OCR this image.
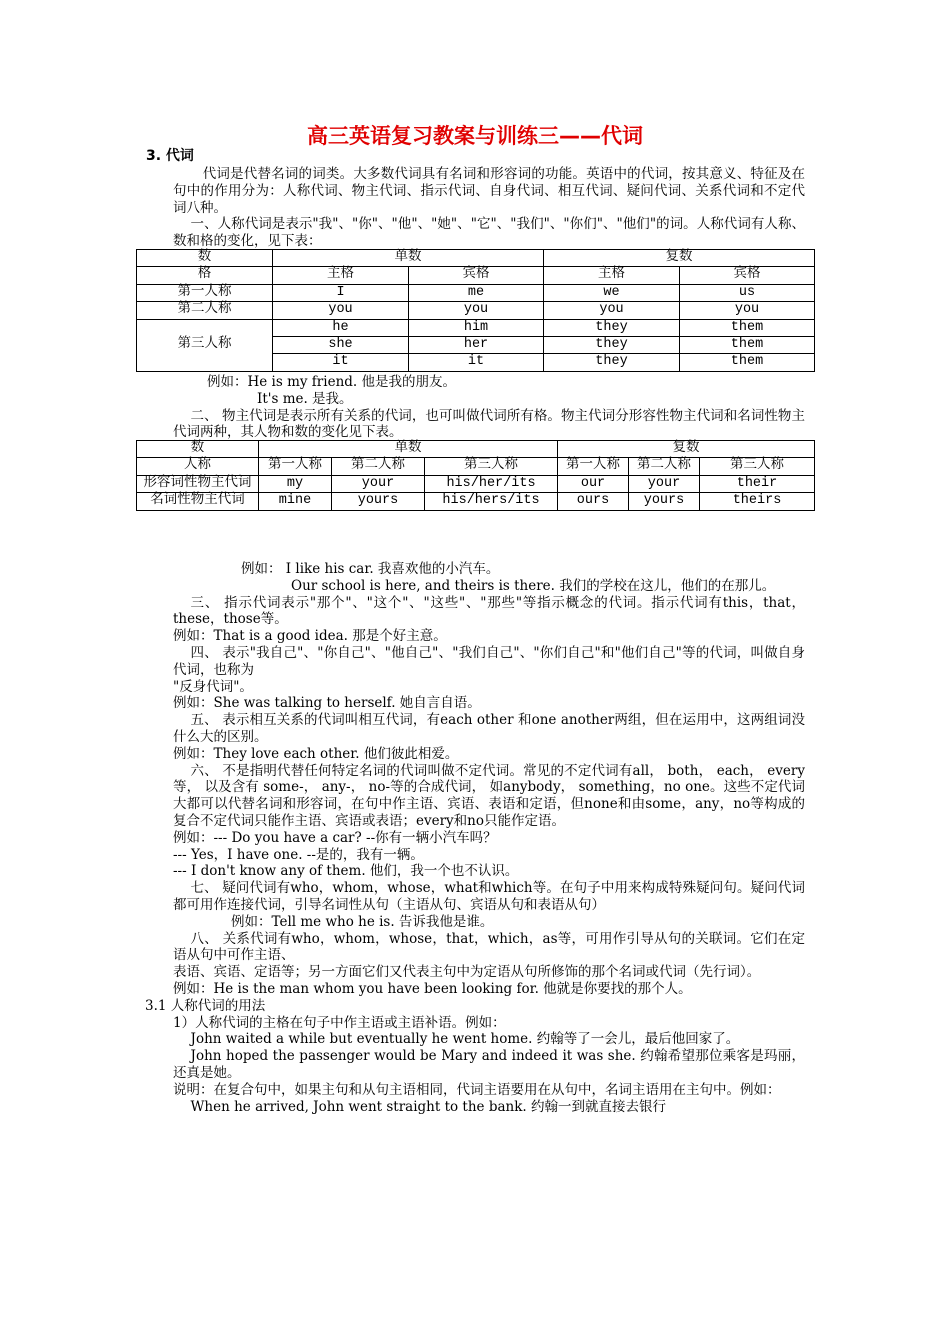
高三英语复习教案与训练三——代词
3. 代词

代词是代替名词的词类。大多数代词具有名词和形容词的功能。英语中的代词，按其意义、特征及在句中的作用分为：人称代词、物主代词、指示代词、自身代词、相互代词、疑问代词、关系代词和不定代词八种。

一、人称代词是表示"我"、"你"、"他"、"她"、"它"、"我们"、"你们"、"他们"的词。人称代词有人称、数和格的变化，见下表：

数	单数		复数	
格	主格	宾格	主格	宾格
第一人称	I	me	we	us
第二人称	you	you	you	you
第三人称	he	him	they	them
	she	her	they	them
	it	it	they	them

例如：He is my friend. 他是我的朋友。

It's me. 是我。

二、 物主代词是表示所有关系的代词，也可叫做代词所有格。物主代词分形容性物主代词和名词性物主代词两种，其人物和数的变化见下表。

数	单数			复数		
人称	第一人称	第二人称	第三人称	第一人称	第二人称	第三人称
形容词性物主代词	my	your	his/her/its	our	your	their
名词性物主代词	mine	yours	his/hers/its	ours	yours	theirs

例如： I like his car. 我喜欢他的小汽车。

Our school is here, and theirs is there. 我们的学校在这儿，他们的在那儿。

三、 指示代词表示"那个"、"这个"、"这些"、"那些"等指示概念的代词。指示代词有this，that，these，those等。

例如：That is a good idea. 那是个好主意。

四、 表示"我自己"、"你自己"、"他自己"、"我们自己"、"你们自己"和"他们自己"等的代词，叫做自身代词，也称为

"反身代词"。

例如：She was talking to herself. 她自言自语。

五、 表示相互关系的代词叫相互代词，有each other 和one another两组，但在运用中，这两组词没什么大的区别。

例如：They love each other. 他们彼此相爱。

六、 不是指明代替任何特定名词的代词叫做不定代词。常见的不定代词有all， both， each， every等， 以及含有 some-， any-， no-等的合成代词， 如anybody， something，no one。这些不定代词大都可以代替名词和形容词，在句中作主语、宾语、表语和定语，但none和由some，any，no等构成的复合不定代词只能作主语、宾语或表语；every和no只能作定语。

例如：--- Do you have a car? --你有一辆小汽车吗？

--- Yes，I have one. --是的，我有一辆。

--- I don't know any of them. 他们，我一个也不认识。

七、 疑问代词有who，whom，whose，what和which等。在句子中用来构成特殊疑问句。疑问代词都可用作连接代词，引导名词性从句（主语从句、宾语从句和表语从句）

例如：Tell me who he is. 告诉我他是谁。

八、 关系代词有who，whom，whose，that，which，as等，可用作引导从句的关联词。它们在定语从句中可作主语、

表语、宾语、定语等；另一方面它们又代表主句中为定语从句所修饰的那个名词或代词（先行词）。

例如：He is the man whom you have been looking for. 他就是你要找的那个人。

3.1 人称代词的用法

1）人称代词的主格在句子中作主语或主语补语。例如：

John waited a while but eventually he went home. 约翰等了一会儿，最后他回家了。

John hoped the passenger would be Mary and indeed it was she. 约翰希望那位乘客是玛丽，还真是她。

说明：在复合句中，如果主句和从句主语相同，代词主语要用在从句中，名词主语用在主句中。例如：

When he arrived, John went straight to the bank. 约翰一到就直接去银行
